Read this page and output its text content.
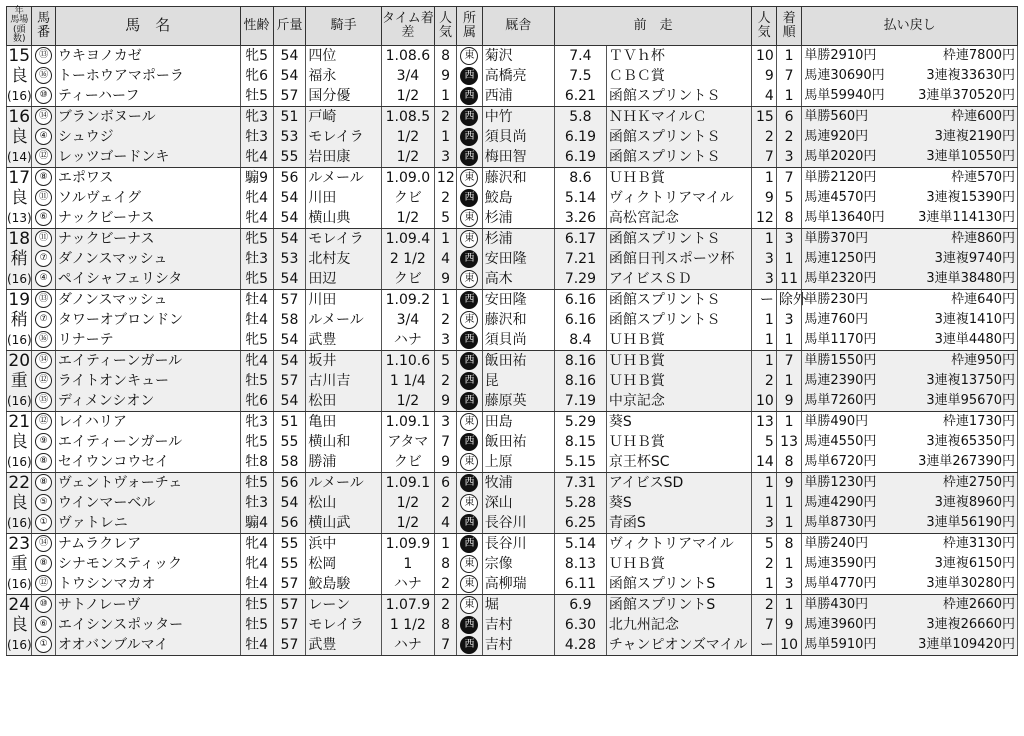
年
馬場
(頭数)	馬番	馬　名	性齢	斤量	騎手	タイム着差	人気	所属	厩舎	前　走		人気	着順	払い戻し
15	⑬	ウキヨノカゼ	牝5	54	四位	1.08.6	8	東	菊沢	7.4	ＴＶｈ杯	10	1	単勝2910円 枠連7800円

良	⑯	トーホウアマポーラ	牝6	54	福永	3/4	9	西	高橋亮	7.5	ＣＢＣ賞	9	7	馬連30690円 3連複33630円

(16)	⑩	ティーハーフ	牡5	57	国分優	1/2	1	西	西浦	6.21	函館スプリントＳ	4	1	馬単59940円 3連単370520円

16	⑭	ブランボヌール	牝3	51	戸崎	1.08.5	2	西	中竹	5.8	ＮＨＫマイルＣ	15	6	単勝560円 枠連600円

良	④	シュウジ	牡3	53	モレイラ	1/2	1	西	須貝尚	6.19	函館スプリントＳ	2	2	馬連920円 3連複2190円

(14)	⑫	レッツゴードンキ	牝4	55	岩田康	1/2	3	西	梅田智	6.19	函館スプリントＳ	7	3	馬単2020円 3連単10550円

17	⑧	エポワス	騸9	56	ルメール	1.09.0	12	東	藤沢和	8.6	ＵＨＢ賞	1	7	単勝2120円 枠連570円

良	⑪	ソルヴェイグ	牝4	54	川田	クビ	2	西	鮫島	5.14	ヴィクトリアマイル	9	5	馬連4570円 3連複15390円

(13)	⑥	ナックビーナス	牝4	54	横山典	1/2	5	東	杉浦	3.26	高松宮記念	12	8	馬単13640円 3連単114130円

18	⑪	ナックビーナス	牝5	54	モレイラ	1.09.4	1	東	杉浦	6.17	函館スプリントＳ	1	3	単勝370円 枠連860円

稍	⑦	ダノンスマッシュ	牡3	53	北村友	2 1/2	4	西	安田隆	7.21	函館日刊スポーツ杯	3	1	馬連1250円 3連複9740円

(16)	④	ペイシャフェリシタ	牝5	54	田辺	クビ	9	東	高木	7.29	アイビスＳＤ	3	11	馬単2320円 3連単38480円

19	⑬	ダノンスマッシュ	牡4	57	川田	1.09.2	1	西	安田隆	6.16	函館スプリントＳ	ー	除外	単勝230円 枠連640円

稍	⑦	タワーオブロンドン	牡4	58	ルメール	3/4	2	東	藤沢和	6.16	函館スプリントＳ	1	3	馬連760円 3連複1410円

(16)	⑯	リナーテ	牝5	54	武豊	ハナ	3	西	須貝尚	8.4	ＵＨＢ賞	1	1	馬単1170円 3連単4480円

20	⑭	エイティーンガール	牝4	54	坂井	1.10.6	5	西	飯田祐	8.16	ＵＨＢ賞	1	7	単勝1550円 枠連950円

重	⑫	ライトオンキュー	牡5	57	古川吉	1 1/4	2	西	昆	8.16	ＵＨＢ賞	2	1	馬連2390円 3連複13750円

(16)	⑮	ディメンシオン	牝6	54	松田	1/2	9	西	藤原英	7.19	中京記念	10	9	馬単7260円 3連単95670円

21	⑫	レイハリア	牝3	51	亀田	1.09.1	3	東	田島	5.29	葵S	13	1	単勝490円 枠連1730円

良	⑨	エイティーンガール	牝5	55	横山和	アタマ	7	西	飯田祐	8.15	ＵＨＢ賞	5	13	馬連4550円 3連複65350円

(16)	⑧	セイウンコウセイ	牡8	58	勝浦	クビ	9	東	上原	5.15	京王杯SC	14	8	馬単6720円 3連単267390円

22	⑧	ヴェントヴォーチェ	牡5	56	ルメール	1.09.1	6	西	牧浦	7.31	アイビスSD	1	9	単勝1230円 枠連2750円

良	⑤	ウインマーベル	牡3	54	松山	1/2	2	東	深山	5.28	葵S	1	1	馬連4290円 3連複8960円

(16)	①	ヴァトレニ	騸4	56	横山武	1/2	4	西	長谷川	6.25	青函S	3	1	馬単8730円 3連単56190円

23	⑭	ナムラクレア	牝4	55	浜中	1.09.9	1	西	長谷川	5.14	ヴィクトリアマイル	5	8	単勝240円 枠連3130円

重	⑧	シナモンスティック	牝4	55	松岡	1	8	東	宗像	8.13	ＵＨＢ賞	2	1	馬連3590円 3連複6150円

(16)	⑫	トウシンマカオ	牡4	57	鮫島駿	ハナ	2	東	高柳瑞	6.11	函館スプリントS	1	3	馬単4770円 3連単30280円

24	⑩	サトノレーヴ	牡5	57	レーン	1.07.9	2	東	堀	6.9	函館スプリントS	2	1	単勝430円 枠連2660円

良	⑥	エイシンスポッター	牡5	57	モレイラ	1 1/2	8	西	吉村	6.30	北九州記念	7	9	馬連3960円 3連複26660円

(16)	①	オオバンブルマイ	牡4	57	武豊	ハナ	7	西	吉村	4.28	チャンピオンズマイル	ー	10	馬単5910円 3連単109420円
